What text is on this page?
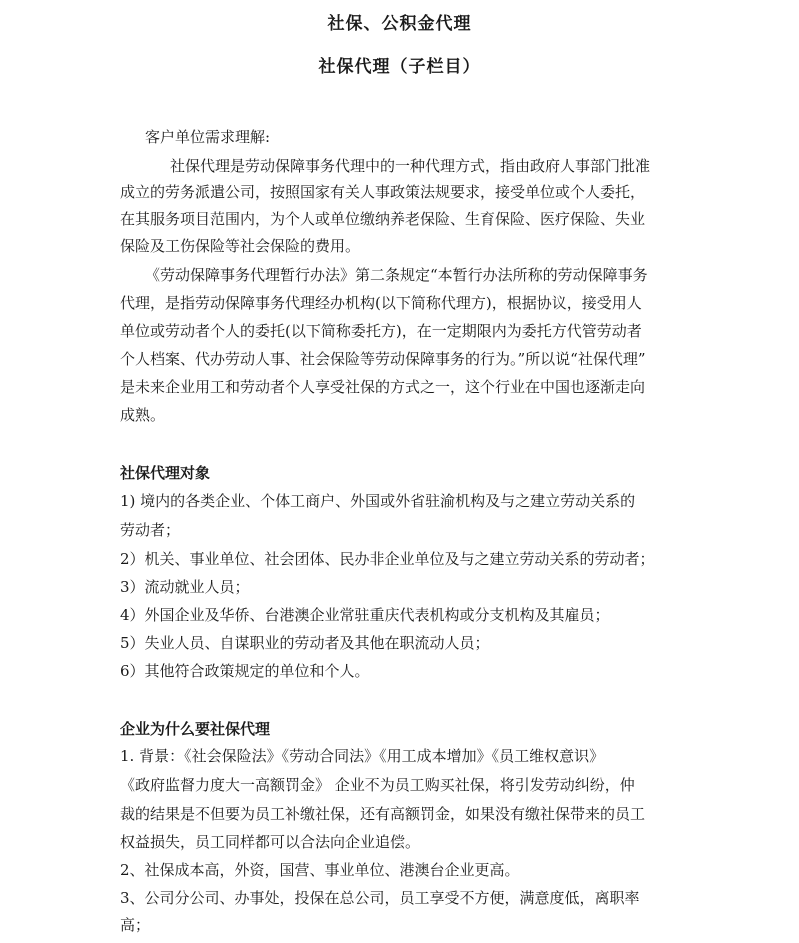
社保、公积金代理
社保代理（子栏目）
客户单位需求理解:
社保代理是劳动保障事务代理中的一种代理方式，指由政府人事部门批准
成立的劳务派遣公司，按照国家有关人事政策法规要求，接受单位或个人委托，
在其服务项目范围内，为个人或单位缴纳养老保险、生育保险、医疗保险、失业
保险及工伤保险等社会保险的费用。
《劳动保障事务代理暂行办法》第二条规定“本暂行办法所称的劳动保障事务
代理，是指劳动保障事务代理经办机构(以下简称代理方)，根据协议，接受用人
单位或劳动者个人的委托(以下简称委托方)，在一定期限内为委托方代管劳动者
个人档案、代办劳动人事、社会保险等劳动保障事务的行为。”所以说“社保代理”
是未来企业用工和劳动者个人享受社保的方式之一，这个行业在中国也逐渐走向
成熟。
社保代理对象
1) 境内的各类企业、个体工商户、外国或外省驻渝机构及与之建立劳动关系的
劳动者；
2）机关、事业单位、社会团体、民办非企业单位及与之建立劳动关系的劳动者；
3）流动就业人员；
4）外国企业及华侨、台港澳企业常驻重庆代表机构或分支机构及其雇员；
5）失业人员、自谋职业的劳动者及其他在职流动人员；
6）其他符合政策规定的单位和个人。
企业为什么要社保代理
1. 背景：《社会保险法》《劳动合同法》《用工成本增加》《员工维权意识》
《政府监督力度大一高额罚金》 企业不为员工购买社保，将引发劳动纠纷，仲
裁的结果是不但要为员工补缴社保，还有高额罚金，如果没有缴社保带来的员工
权益损失，员工同样都可以合法向企业追偿。
2、社保成本高，外资，国营、事业单位、港澳台企业更高。
3、公司分公司、办事处，投保在总公司，员工享受不方便，满意度低，离职率
高；
